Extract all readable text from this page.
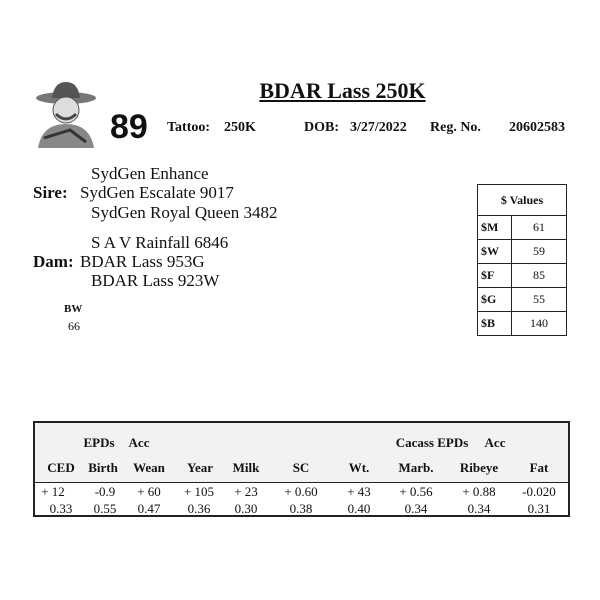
BDAR Lass 250K
89 Tattoo: 250K	DOB: 3/27/2022 Reg. No. 20602583
SydGen Enhance
Sire: SydGen Escalate 9017
SydGen Royal Queen 3482
S A V Rainfall 6846
Dam: BDAR Lass 953G
BDAR Lass 923W
BW
66
$ Values
$M	61
$W	59
$F	85
$G	55
$B	140
EPDs	Acc	Cacass EPDs	Acc
CED	Birth	Wean	Year	Milk	SC	Wt.	Marb.	Ribeye	Fat
+ 12	-0.9	+ 60	+ 105	+ 23	+ 0.60	+ 43	+ 0.56	+ 0.88	-0.020
0.33	0.55	0.47	0.36	0.30	0.38	0.40	0.34	0.34	0.31
